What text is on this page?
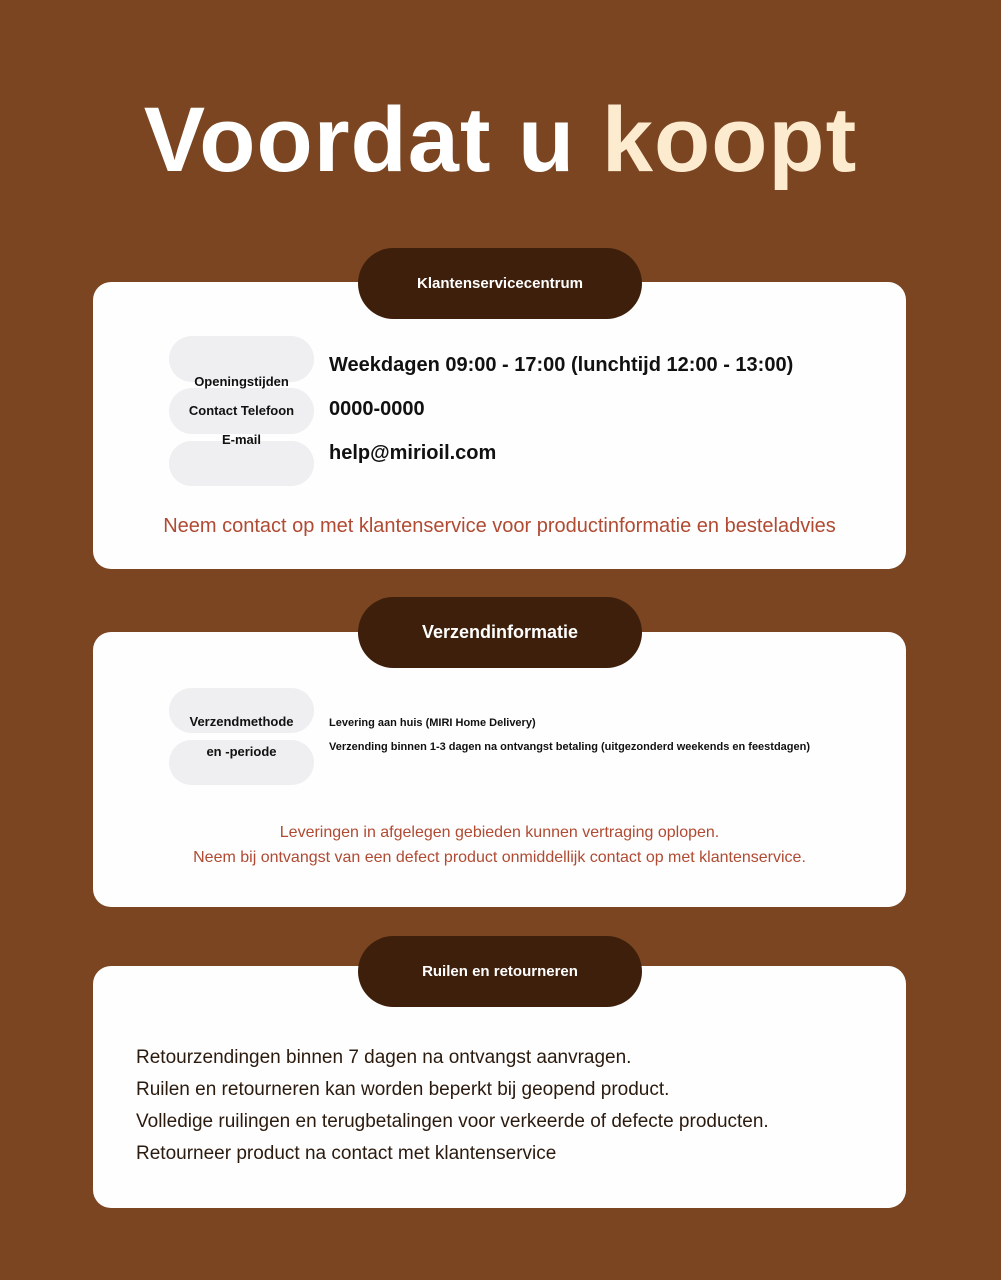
Voordat u koopt
Klantenservicecentrum
Openingstijden
Contact Telefoon
E-mail
Weekdagen 09:00 - 17:00 (lunchtijd 12:00 - 13:00)
0000-0000
help@mirioil.com
Neem contact op met klantenservice voor productinformatie en besteladvies
Verzendinformatie
Verzendmethode
en -periode
Levering aan huis (MIRI Home Delivery)
Verzending binnen 1-3 dagen na ontvangst betaling (uitgezonderd weekends en feestdagen)
Leveringen in afgelegen gebieden kunnen vertraging oplopen.
Neem bij ontvangst van een defect product onmiddellijk contact op met klantenservice.
Ruilen en retourneren
Retourzendingen binnen 7 dagen na ontvangst aanvragen.
Ruilen en retourneren kan worden beperkt bij geopend product.
Volledige ruilingen en terugbetalingen voor verkeerde of defecte producten.
Retourneer product na contact met klantenservice
